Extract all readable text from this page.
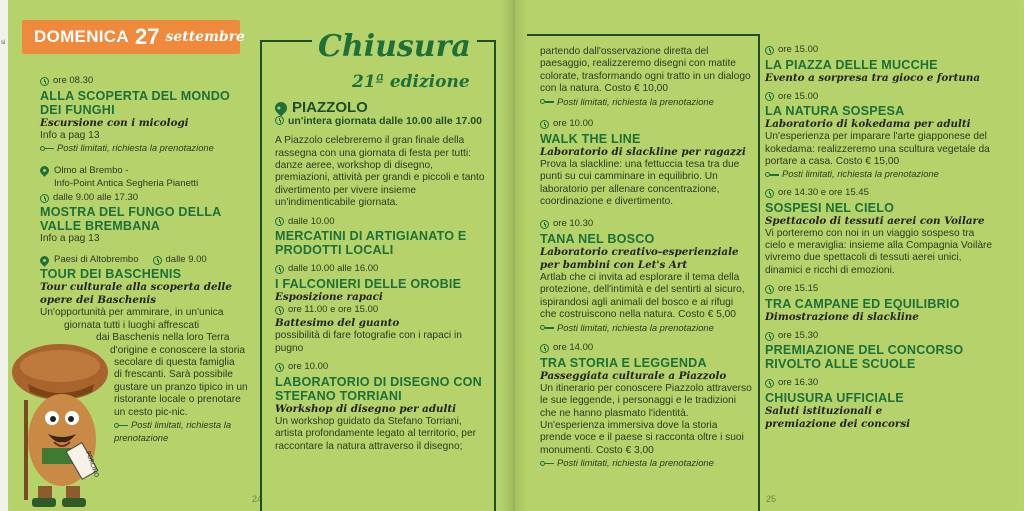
si DOMENICA 27 settembre
ore 08.30
ALLA SCOPERTA DEL MONDO DEI FUNGHI
Escursione con i micologi
Info a pag 13
Posti limitati, richiesta la prenotazione
Olmo al Brembo -
Info-Point Antica Segheria Pianetti
dalle 9.00 alle 17.30
MOSTRA DEL FUNGO DELLA VALLE BREMBANA
Info a pag 13
Paesi di Altobrembo	dalle 9.00
TOUR DEI BASCHENIS
Tour culturale alla scoperta delle opere dei Baschenis
Un'opportunità per ammirare, in un'unica
giornata tutti i luoghi affrescati
dai Baschenis nella loro Terra
d'origine e conoscere la storia
secolare di questa famiglia
di frescanti. Sarà possibile
gustare un pranzo tipico in un
ristorante locale o prenotare
un cesto pic-nic.
Posti limitati, richiesta la
prenotazione
PORCINO
24	25
Chiusura
21ª edizione
PIAZZOLO
un'intera giornata dalle 10.00 alle 17.00
A Piazzolo celebreremo il gran finale della rassegna con una giornata di festa per tutti: danze aeree, workshop di disegno, premiazioni, attività per grandi e piccoli e tanto divertimento per vivere insieme un'indimenticabile giornata.
dalle 10.00
MERCATINI DI ARTIGIANATO E PRODOTTI LOCALI
dalle 10.00 alle 16.00
I FALCONIERI DELLE OROBIE
Esposizione rapaci
ore 11.00 e ore 15.00
Battesimo del guanto
possibilità di fare fotografie con i rapaci in pugno
ore 10.00
LABORATORIO DI DISEGNO CON STEFANO TORRIANI
Workshop di disegno per adulti
Un workshop guidato da Stefano Torriani, artista profondamente legato al territorio, per raccontare la natura attraverso il disegno;
partendo dall'osservazione diretta del paesaggio, realizzeremo disegni con matite colorate, trasformando ogni tratto in un dialogo con la natura. Costo € 10,00
Posti limitati, richiesta la prenotazione
ore 10.00
WALK THE LINE
Laboratorio di slackline per ragazzi
Prova la slackline: una fettuccia tesa tra due punti su cui camminare in equilibrio. Un laboratorio per allenare concentrazione, coordinazione e divertimento.
ore 10.30
TANA NEL BOSCO
Laboratorio creativo-esperienziale per bambini con Let's Art
Artlab che ci invita ad esplorare il tema della protezione, dell'intimità e del sentirti al sicuro, ispirandosi agli animali del bosco e ai rifugi che costruiscono nella natura. Costo € 5,00
Posti limitati, richiesta la prenotazione
ore 14.00
TRA STORIA E LEGGENDA
Passeggiata culturale a Piazzolo
Un itinerario per conoscere Piazzolo attraverso le sue leggende, i personaggi e le tradizioni che ne hanno plasmato l'identità. Un'esperienza immersiva dove la storia prende voce e il paese si racconta oltre i suoi monumenti. Costo € 3,00
Posti limitati, richiesta la prenotazione
ore 15.00
LA PIAZZA DELLE MUCCHE
Evento a sorpresa tra gioco e fortuna
ore 15.00
LA NATURA SOSPESA
Laboratorio di kokedama per adulti
Un'esperienza per imparare l'arte giapponese del kokedama: realizzeremo una scultura vegetale da portare a casa. Costo € 15,00
Posti limitati, richiesta la prenotazione
ore 14.30 e ore 15.45
SOSPESI NEL CIELO
Spettacolo di tessuti aerei con Voilare
Vi porteremo con noi in un viaggio sospeso tra cielo e meraviglia: insieme alla Compagnia Voilàre vivremo due spettacoli di tessuti aerei unici, dinamici e ricchi di emozioni.
ore 15.15
TRA CAMPANE ED EQUILIBRIO
Dimostrazione di slackline
ore 15.30
PREMIAZIONE DEL CONCORSO RIVOLTO ALLE SCUOLE
ore 16.30
CHIUSURA UFFICIALE
Saluti istituzionali e premiazione dei concorsi
